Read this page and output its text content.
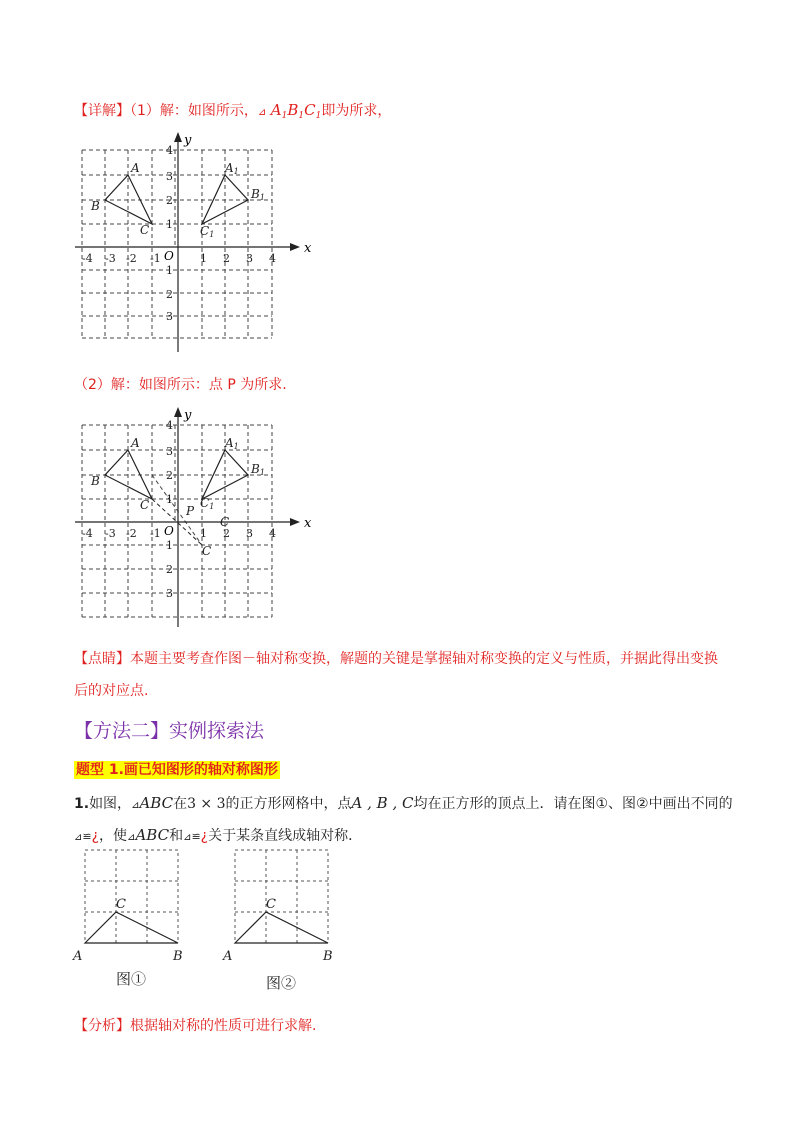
【详解】（1）解：如图所示，⊿ $A_1B_1C_1$即为所求，
x
y
O
-4 -3 -2 -1	1 2 3 4
4
3
2
1
1
2
3
A
B
C
A1
B1
C1
（2）解：如图所示：点 P 为所求.
x
y
O
-4 -3 -2 -1	1 2 3 4
4
3
2
1
1
2
3
A
B
C
A1
B1
C1
P
C
C
【点睛】本题主要考查作图－轴对称变换，解题的关键是掌握轴对称变换的定义与性质，并据此得出变换
后的对应点.
【方法二】实例探索法
题型 1.画已知图形的轴对称图形
1.如图，⊿ABC在3 × 3的正方形网格中，点A , B , C均在正方形的顶点上．请在图①、图②中画出不同的
⊿≌¿，使⊿ABC和⊿≌¿关于某条直线成轴对称．
C
A	B
图①
C
A	B
图②
【分析】根据轴对称的性质可进行求解.
